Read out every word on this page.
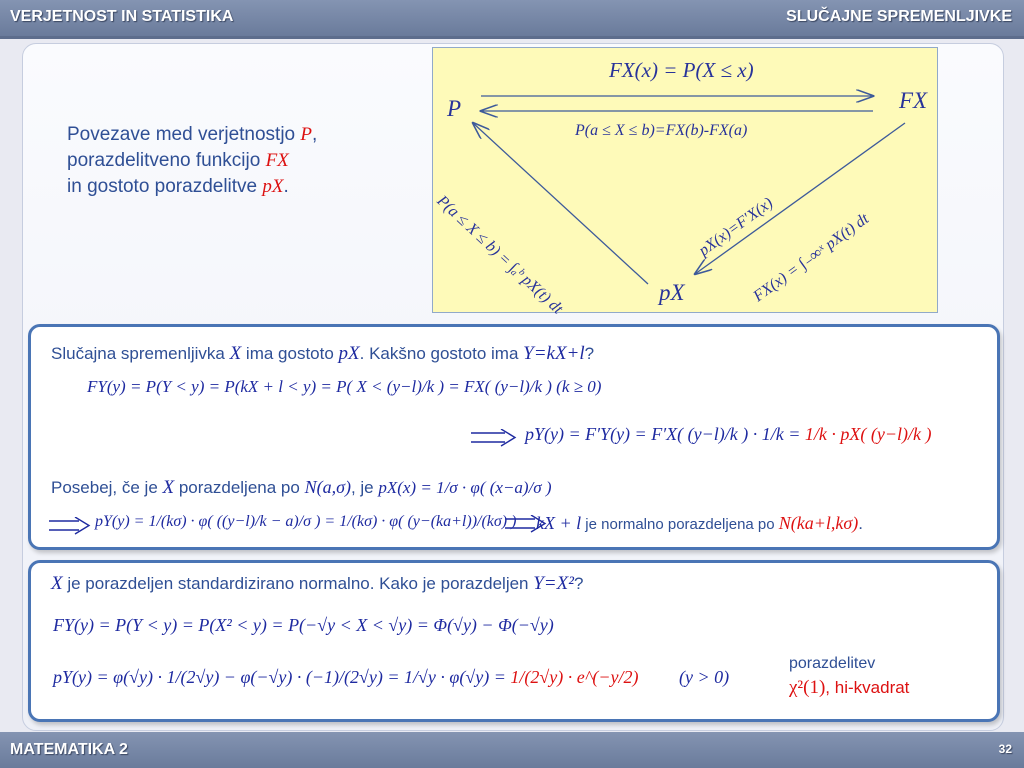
VERJETNOST IN STATISTIKA	SLUČAJNE SPREMENLJIVKE
Povezave med verjetnostjo P,
porazdelitveno funkcijo FX
in gostoto porazdelitve pX.
FX(x) = P(X ≤ x)
P	FX
pX
P(a ≤ X ≤ b)=FX(b)-FX(a)
P(a ≤ X ≤ b) = ∫ₐᵇ pX(t) dt	pX(x)=F′X(x)
FX(x) = ∫₋∞ˣ pX(t) dt
Slučajna spremenljivka X ima gostoto pX. Kakšno gostoto ima Y=kX+l?
FY(y) = P(Y < y) = P(kX + l < y) = P( X < (y−l)/k ) = FX( (y−l)/k ) (k ≥ 0)
pY(y) = F′Y(y) = F′X( (y−l)/k ) · 1/k = 1/k · pX( (y−l)/k )
Posebej, če je X porazdeljena po N(a,σ), je pX(x) = 1/σ · φ( (x−a)/σ )
pY(y) = 1/(kσ) · φ( ((y−l)/k − a)/σ ) = 1/(kσ) · φ( (y−(ka+l))/(kσ) ) kX + l je normalno porazdeljena po N(ka+l,kσ).
X je porazdeljen standardizirano normalno. Kako je porazdeljen Y=X²?
FY(y) = P(Y < y) = P(X² < y) = P(−√y < X < √y) = Φ(√y) − Φ(−√y)
pY(y) = φ(√y) · 1/(2√y) − φ(−√y) · (−1)/(2√y) = 1/√y · φ(√y) = 1/(2√y) · e^(−y/2) (y > 0)
porazdelitev
χ²(1), hi-kvadrat
MATEMATIKA 2	32
